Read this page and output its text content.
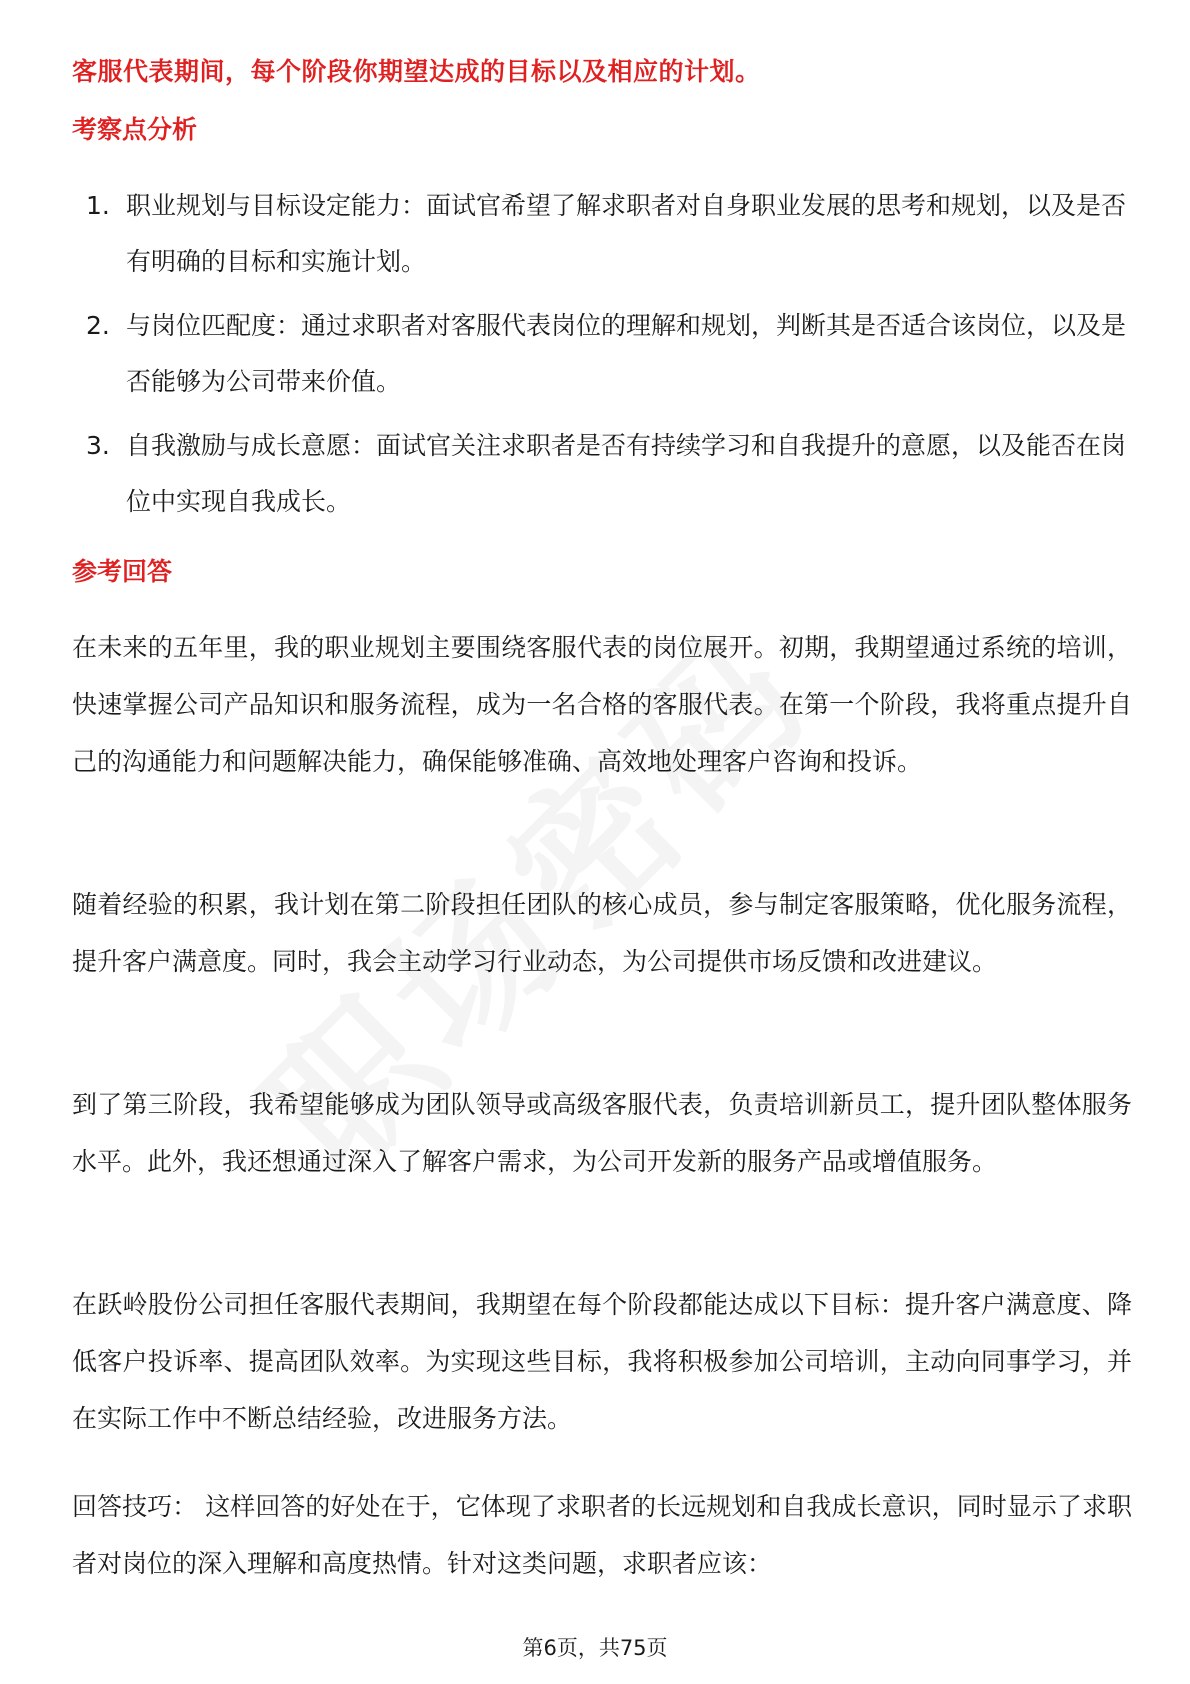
客服代表期间，每个阶段你期望达成的目标以及相应的计划。
考察点分析
1. 职业规划与目标设定能力：面试官希望了解求职者对自身职业发展的思考和规划，以及是否有明确的目标和实施计划。
2. 与岗位匹配度：通过求职者对客服代表岗位的理解和规划，判断其是否适合该岗位，以及是否能够为公司带来价值。
3. 自我激励与成长意愿：面试官关注求职者是否有持续学习和自我提升的意愿，以及能否在岗位中实现自我成长。
参考回答

在未来的五年里，我的职业规划主要围绕客服代表的岗位展开。初期，我期望通过系统的培训，快速掌握公司产品知识和服务流程，成为一名合格的客服代表。在第一个阶段，我将重点提升自己的沟通能力和问题解决能力，确保能够准确、高效地处理客户咨询和投诉。

随着经验的积累，我计划在第二阶段担任团队的核心成员，参与制定客服策略，优化服务流程，提升客户满意度。同时，我会主动学习行业动态，为公司提供市场反馈和改进建议。

到了第三阶段，我希望能够成为团队领导或高级客服代表，负责培训新员工，提升团队整体服务水平。此外，我还想通过深入了解客户需求，为公司开发新的服务产品或增值服务。

在跃岭股份公司担任客服代表期间，我期望在每个阶段都能达成以下目标：提升客户满意度、降低客户投诉率、提高团队效率。为实现这些目标，我将积极参加公司培训，主动向同事学习，并在实际工作中不断总结经验，改进服务方法。

回答技巧： 这样回答的好处在于，它体现了求职者的长远规划和自我成长意识，同时显示了求职者对岗位的深入理解和高度热情。针对这类问题，求职者应该：

第6页，共75页
